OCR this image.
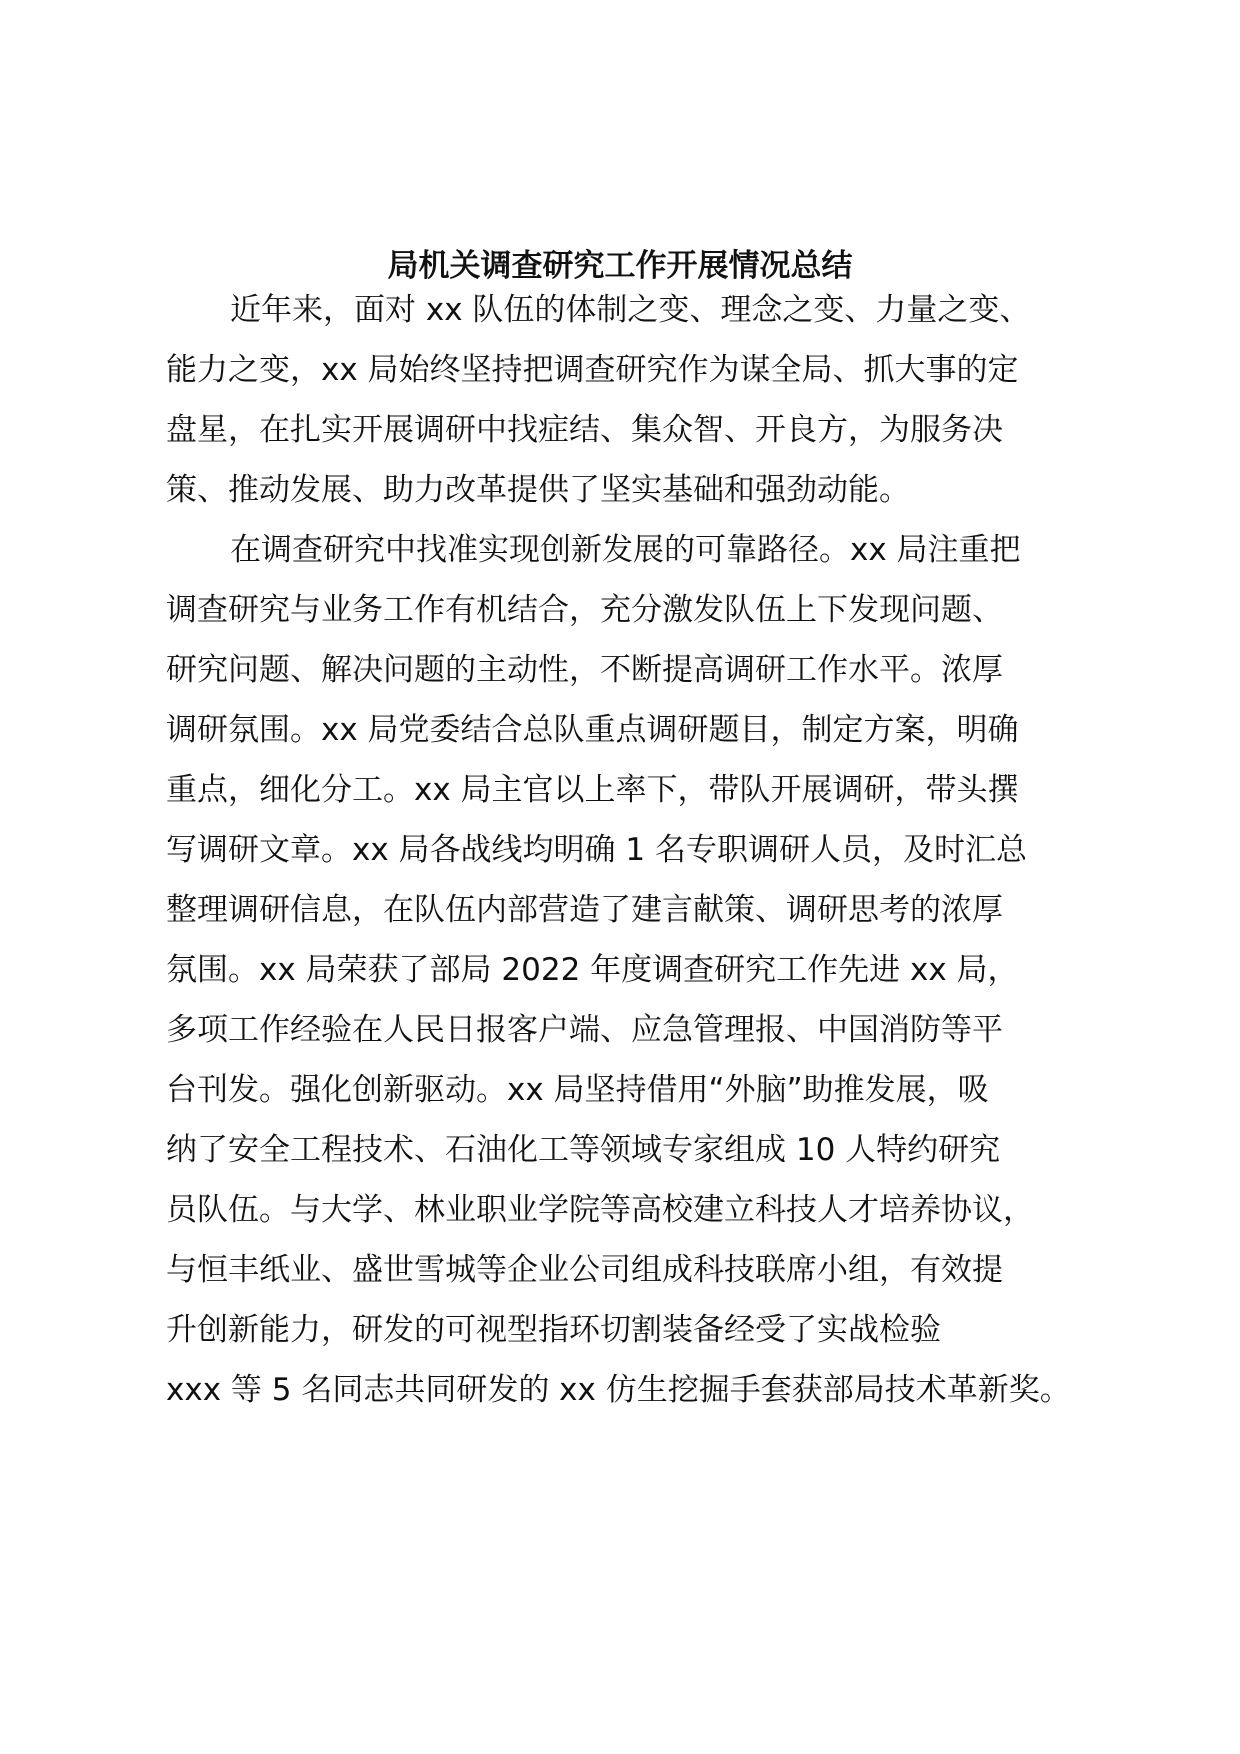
局机关调查研究工作开展情况总结

近年来，面对 xx 队伍的体制之变、理念之变、力量之变、

能力之变，xx 局始终坚持把调查研究作为谋全局、抓大事的定

盘星，在扎实开展调研中找症结、集众智、开良方，为服务决

策、推动发展、助力改革提供了坚实基础和强劲动能。

在调查研究中找准实现创新发展的可靠路径。xx 局注重把

调查研究与业务工作有机结合，充分激发队伍上下发现问题、

研究问题、解决问题的主动性，不断提高调研工作水平。浓厚

调研氛围。xx 局党委结合总队重点调研题目，制定方案，明确

重点，细化分工。xx 局主官以上率下，带队开展调研，带头撰

写调研文章。xx 局各战线均明确 1 名专职调研人员，及时汇总

整理调研信息，在队伍内部营造了建言献策、调研思考的浓厚

氛围。xx 局荣获了部局 2022 年度调查研究工作先进 xx 局，

多项工作经验在人民日报客户端、应急管理报、中国消防等平

台刊发。强化创新驱动。xx 局坚持借用“外脑”助推发展，吸

纳了安全工程技术、石油化工等领域专家组成 10 人特约研究

员队伍。与大学、林业职业学院等高校建立科技人才培养协议，

与恒丰纸业、盛世雪城等企业公司组成科技联席小组，有效提

升创新能力，研发的可视型指环切割装备经受了实战检验

xxx 等 5 名同志共同研发的 xx 仿生挖掘手套获部局技术革新奖。
